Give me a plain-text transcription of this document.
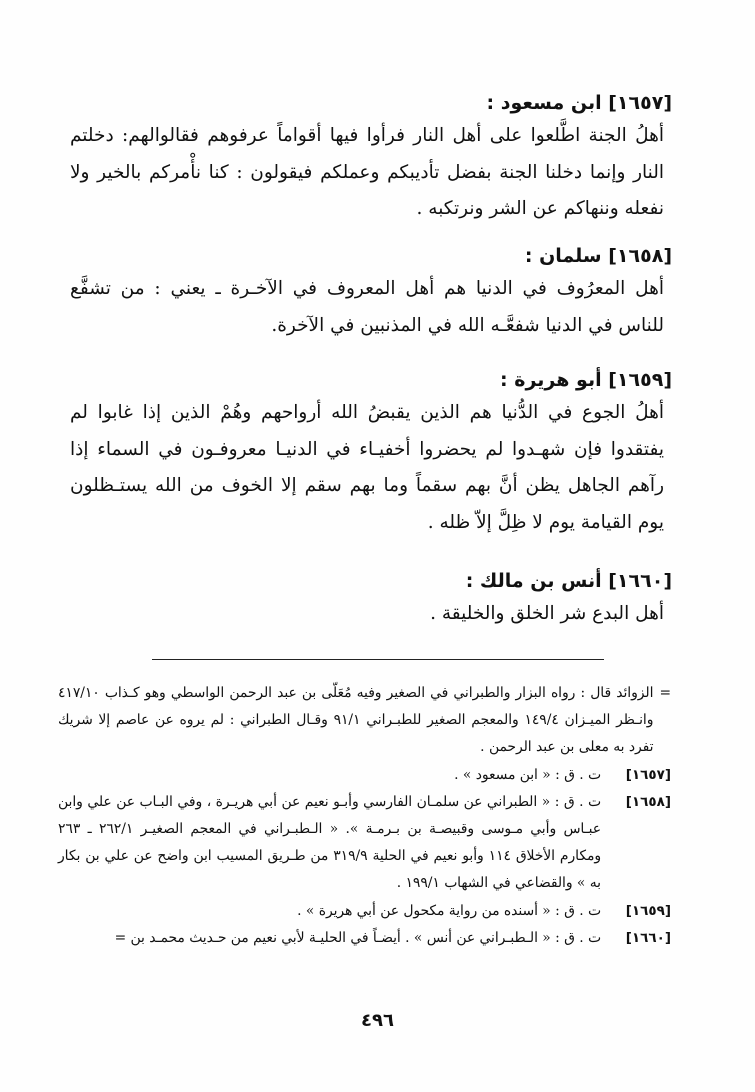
[١٦٥٧] ابن مسعود :
أهلُ الجنة اطَّلعوا على أهل النار فرأوا فيها أقواماً عرفوهم فقالوالهم: دخلتم النار وإنما دخلنا الجنة بفضل تأديبكم وعملكم فيقولون : كنا نأْمركم بالخير ولا نفعله وننهاكم عن الشر ونرتكبه .
[١٦٥٨] سلمان :
أهل المعرُوف في الدنيا هم أهل المعروف في الآخـرة ـ يعني : من تشفَّع للناس في الدنيا شفعَّـه الله في المذنبين في الآخرة.
[١٦٥٩] أبو هريرة :
أهلُ الجوع في الدُّنيا هم الذين يقبضُ الله أرواحهم وهُمْ الذين إذا غابوا لم يفتقدوا فإن شهـدوا لم يحضروا أخفيـاء في الدنيـا معروفـون في السماء إذا رآهم الجاهل يظن أنَّ بهم سقماً وما بهم سقم إلا الخوف من الله يستـظلون يوم القيامة يوم لا ظِلَّ إلاّ ظله .
[١٦٦٠] أنس بن مالك :
أهل البدع شر الخلق والخليقة .
=
الزوائد قال : رواه البزار والطبراني في الصغير وفيه مُعَلّى بن عبد الرحمن الواسطي وهو كـذاب ٤١٧/١٠ وانـظر الميـزان ١٤٩/٤ والمعجم الصغير للطبـراني ٩١/١ وقـال الطبراني : لم يروه عن عاصم إلا شريك تفرد به معلى بن عبد الرحمن .
[١٦٥٧]
ت . ق : « ابن مسعود » .
[١٦٥٨]
ت . ق : « الطبراني عن سلمـان الفارسي وأبـو نعيم عن أبي هريـرة ، وفي البـاب عن علي وابن عبـاس وأبي مـوسى وقبيصـة بن بـرمـة ». « الـطبـراني في المعجم الصغيـر ٢٦٢/١ ـ ٢٦٣ ومكارم الأخلاق ١١٤ وأبو نعيم في الحلية ٣١٩/٩ من طـريق المسيب ابن واضح عن علي بن بكار به » والقضاعي في الشهاب ١٩٩/١ .
[١٦٥٩]
ت . ق : « أسنده من رواية مكحول عن أبي هريرة » .
[١٦٦٠]
ت . ق : « الـطبـراني عن أنس » . أيضـاً في الحليـة لأبي نعيم من حـديث محمـد بن =
٤٩٦
